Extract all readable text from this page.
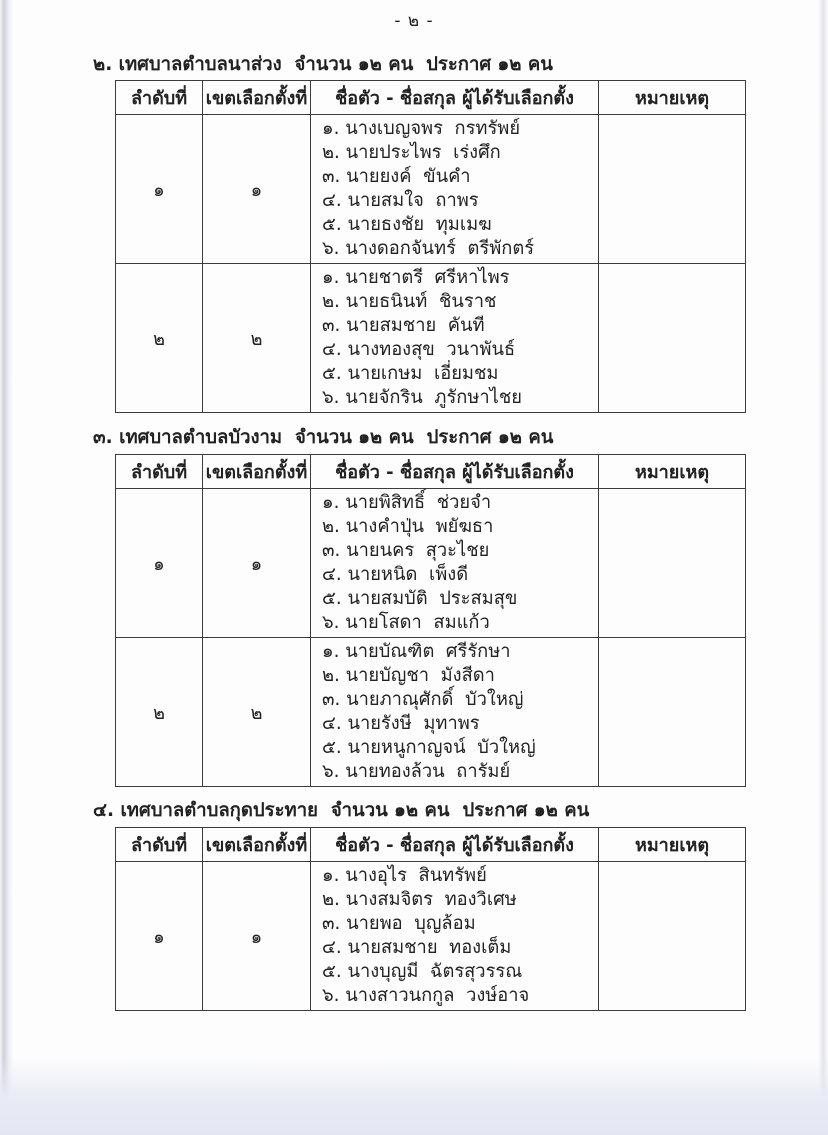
- ๒ -
๒. เทศบาลตำบลนาส่วง  จำนวน ๑๒ คน  ประกาศ ๑๒ คน
ลำดับที่	เขตเลือกตั้งที่	ชื่อตัว - ชื่อสกุล ผู้ได้รับเลือกตั้ง	หมายเหตุ
๑	๑	
๑. นางเบญจพร  กรทรัพย์
๒. นายประไพร  เร่งศึก
๓. นายยงค์  ขันคำ
๔. นายสมใจ  ถาพร
๕. นายธงชัย  ทุมเมฆ
๖. นางดอกจันทร์  ตรีพักตร์

๒	๒	
๑. นายชาตรี  ศรีหาไพร
๒. นายธนินท์  ชินราช
๓. นายสมชาย  คันที
๔. นางทองสุข  วนาพันธ์
๕. นายเกษม  เอี่ยมชม
๖. นายจักริน  ภูรักษาไชย

๓. เทศบาลตำบลบัวงาม  จำนวน ๑๒ คน  ประกาศ ๑๒ คน
ลำดับที่	เขตเลือกตั้งที่	ชื่อตัว - ชื่อสกุล ผู้ได้รับเลือกตั้ง	หมายเหตุ
๑	๑	
๑. นายพิสิทธิ์  ช่วยจำ
๒. นางคำปุ่น  พยัฆธา
๓. นายนคร  สุวะไชย
๔. นายหนิด  เพ็งดี
๕. นายสมบัติ  ประสมสุข
๖. นายโสดา  สมแก้ว

๒	๒	
๑. นายบัณฑิต  ศรีรักษา
๒. นายบัญชา  มังสีดา
๓. นายภาณุศักดิ์  บัวใหญ่
๔. นายรังษี  มุทาพร
๕. นายหนูกาญจน์  บัวใหญ่
๖. นายทองล้วน  ถารัมย์

๔. เทศบาลตำบลกุดประทาย  จำนวน ๑๒ คน  ประกาศ ๑๒ คน
ลำดับที่	เขตเลือกตั้งที่	ชื่อตัว - ชื่อสกุล ผู้ได้รับเลือกตั้ง	หมายเหตุ
๑	๑	
๑. นางอุไร  สินทรัพย์
๒. นางสมจิตร  ทองวิเศษ
๓. นายพอ  บุญล้อม
๔. นายสมชาย  ทองเต็ม
๕. นางบุญมี  ฉัตรสุวรรณ
๖. นางสาวนกกูล  วงษ์อาจ
